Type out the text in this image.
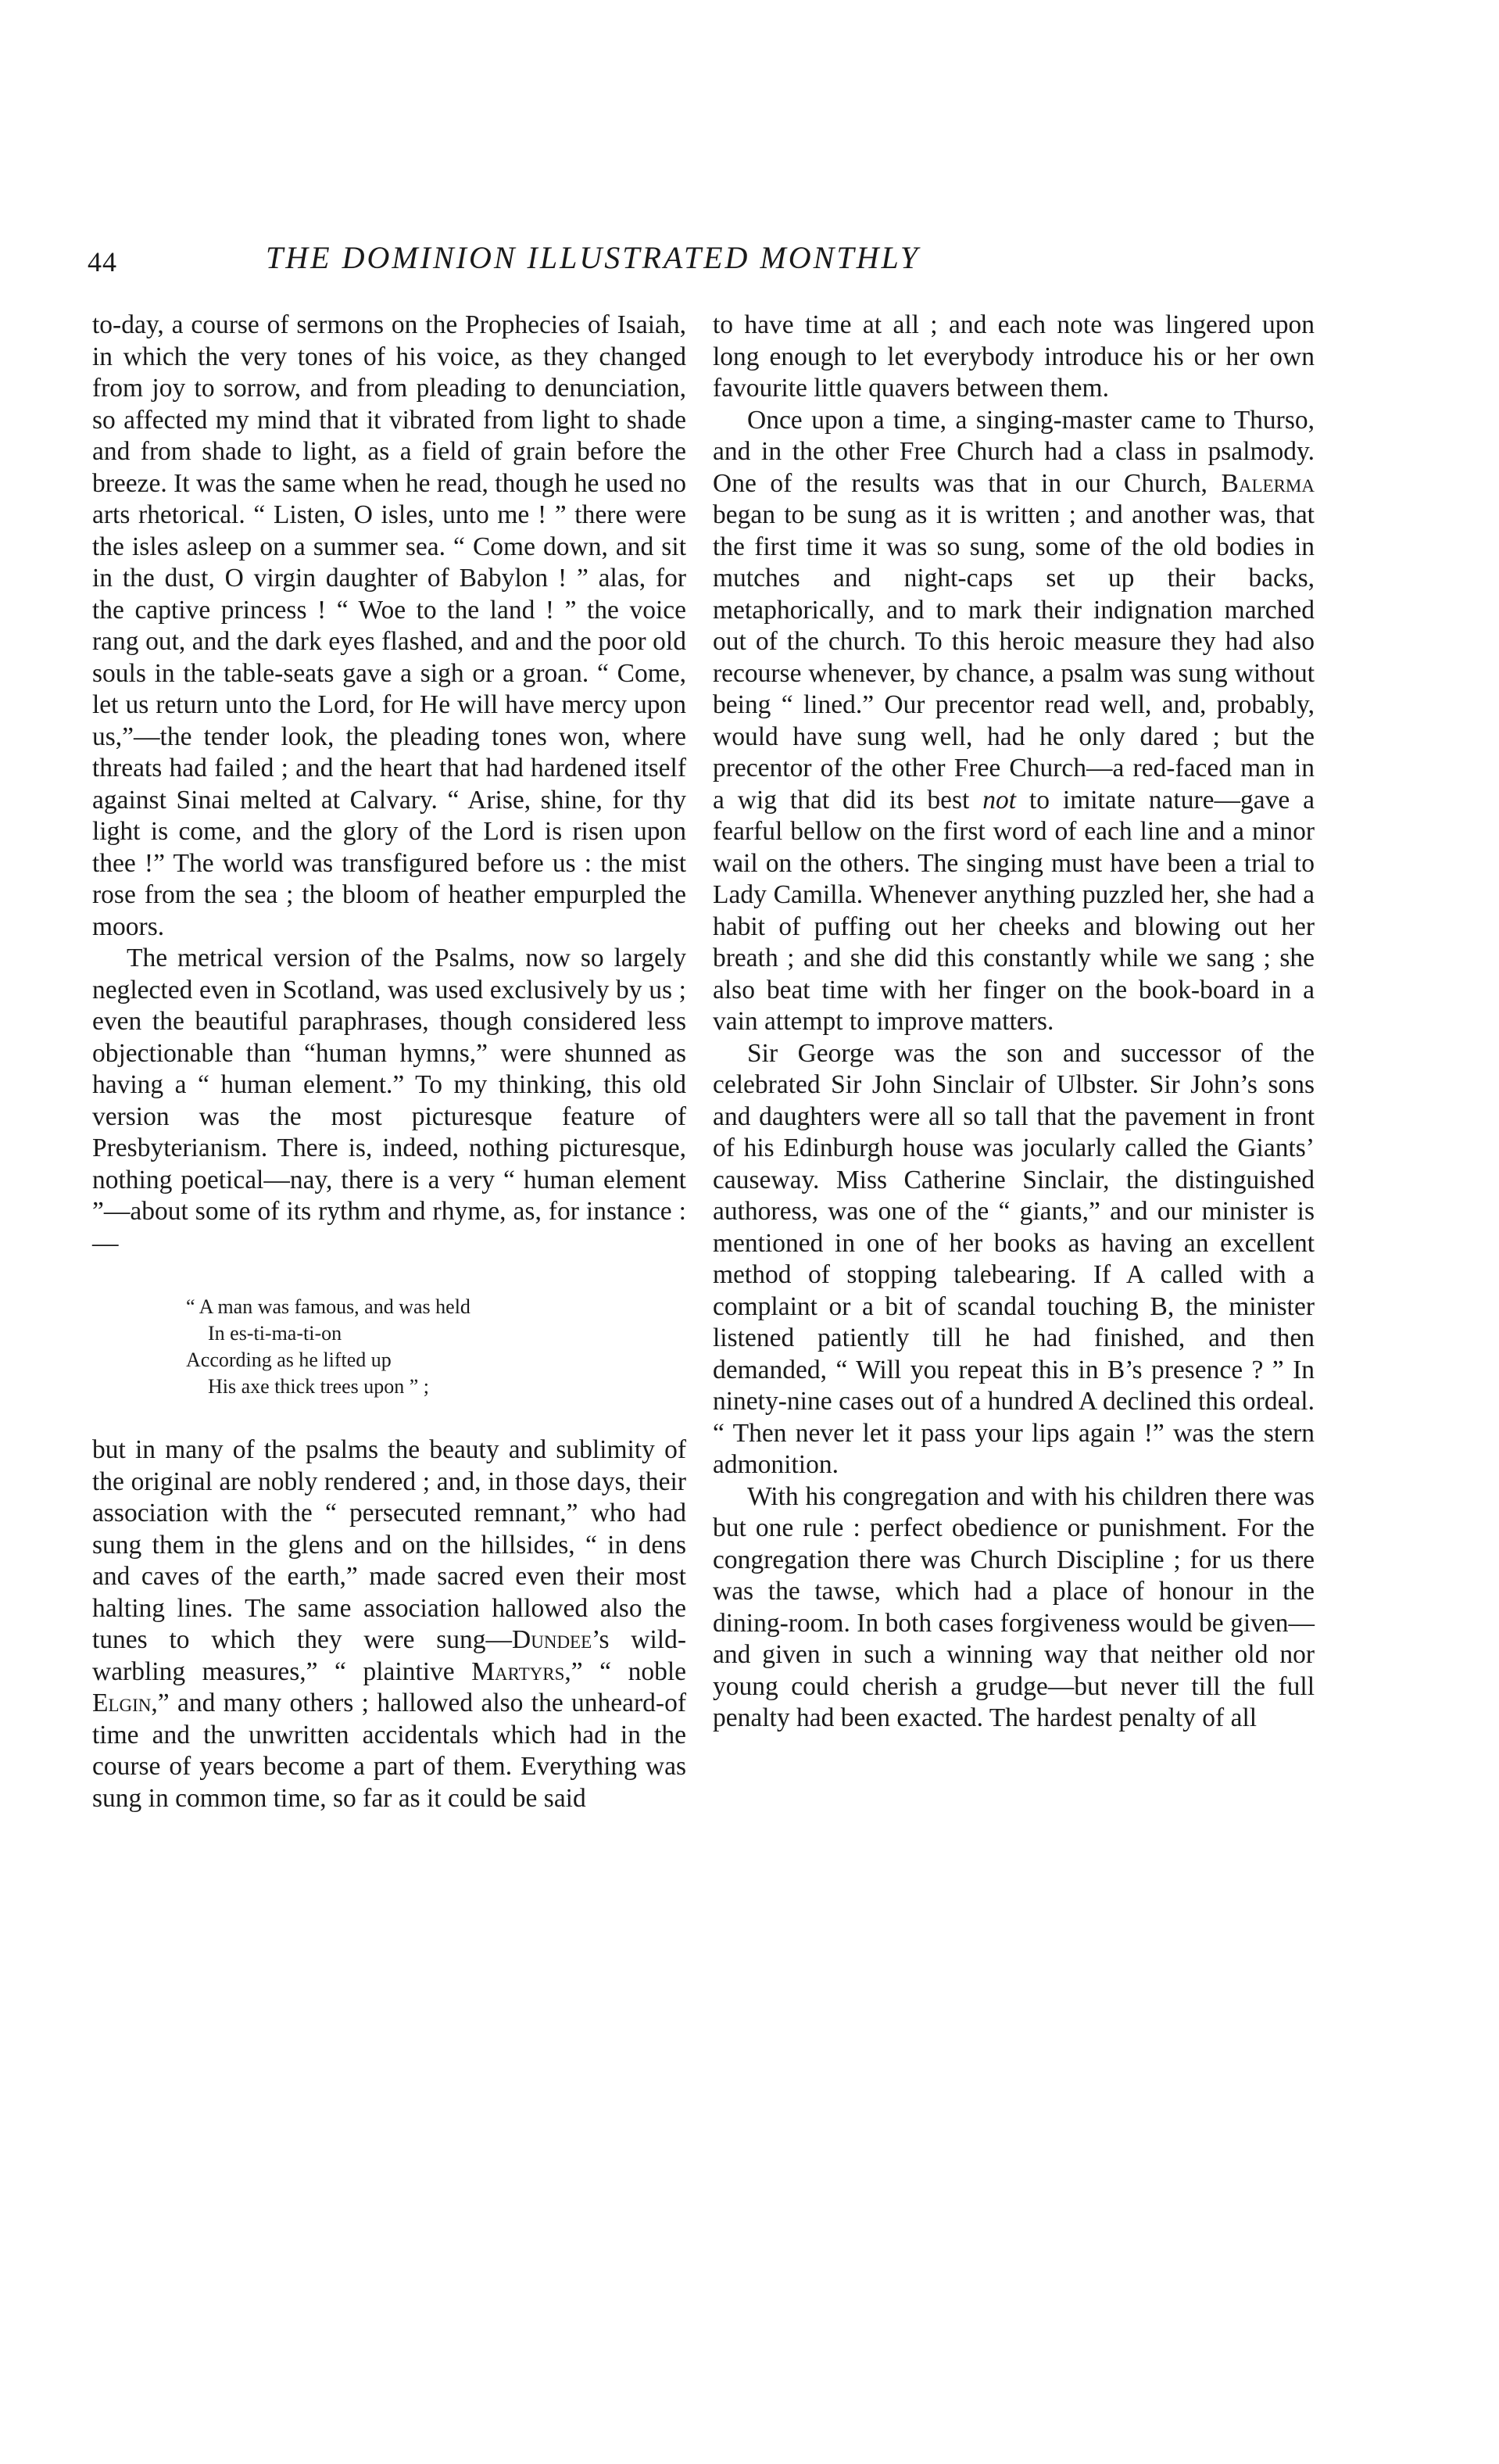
44	THE DOMINION ILLUSTRATED MONTHLY

to-day, a course of sermons on the Prophecies of Isaiah, in which the very tones of his voice, as they changed from joy to sorrow, and from pleading to denunciation, so affected my mind that it vibrated from light to shade and from shade to light, as a field of grain before the breeze. It was the same when he read, though he used no arts rhetorical. “ Listen, O isles, unto me ! ” there were the isles asleep on a summer sea. “ Come down, and sit in the dust, O virgin daughter of Babylon ! ” alas, for the captive princess ! “ Woe to the land ! ” the voice rang out, and the dark eyes flashed, and and the poor old souls in the table-seats gave a sigh or a groan. “ Come, let us return unto the Lord, for He will have mercy upon us,”—the tender look, the pleading tones won, where threats had failed ; and the heart that had hardened itself against Sinai melted at Calvary. “ Arise, shine, for thy light is come, and the glory of the Lord is risen upon thee !” The world was transfigured before us : the mist rose from the sea ; the bloom of heather empurpled the moors.

The metrical version of the Psalms, now so largely neglected even in Scotland, was used exclusively by us ; even the beautiful paraphrases, though considered less objectionable than “human hymns,” were shunned as having a “ human element.” To my thinking, this old version was the most picturesque feature of Presbyterianism. There is, indeed, nothing picturesque, nothing poetical—nay, there is a very “ human element ”—about some of its rythm and rhyme, as, for instance :—

“ A man was famous, and was held
In es-ti-ma-ti-on
According as he lifted up
His axe thick trees upon ” ;

but in many of the psalms the beauty and sublimity of the original are nobly rendered ; and, in those days, their association with the “ persecuted remnant,” who had sung them in the glens and on the hillsides, “ in dens and caves of the earth,” made sacred even their most halting lines. The same association hallowed also the tunes to which they were sung—Dundee’s wild-warbling measures,” “ plaintive Martyrs,” “ noble Elgin,” and many others ; hallowed also the unheard-of time and the unwritten accidentals which had in the course of years become a part of them. Everything was sung in common time, so far as it could be said

to have time at all ; and each note was lingered upon long enough to let everybody introduce his or her own favourite little quavers between them.

Once upon a time, a singing-master came to Thurso, and in the other Free Church had a class in psalmody. One of the results was that in our Church, Balerma began to be sung as it is written ; and another was, that the first time it was so sung, some of the old bodies in mutches and night-caps set up their backs, metaphorically, and to mark their indignation marched out of the church. To this heroic measure they had also recourse whenever, by chance, a psalm was sung without being “ lined.” Our precentor read well, and, probably, would have sung well, had he only dared ; but the precentor of the other Free Church—a red-faced man in a wig that did its best not to imitate nature—gave a fearful bellow on the first word of each line and a minor wail on the others. The singing must have been a trial to Lady Camilla. Whenever anything puzzled her, she had a habit of puffing out her cheeks and blowing out her breath ; and she did this constantly while we sang ; she also beat time with her finger on the book-board in a vain attempt to improve matters.

Sir George was the son and successor of the celebrated Sir John Sinclair of Ulbster. Sir John’s sons and daughters were all so tall that the pavement in front of his Edinburgh house was jocularly called the Giants’ causeway. Miss Catherine Sinclair, the distinguished authoress, was one of the “ giants,” and our minister is mentioned in one of her books as having an excellent method of stopping talebearing. If A called with a complaint or a bit of scandal touching B, the minister listened patiently till he had finished, and then demanded, “ Will you repeat this in B’s presence ? ” In ninety-nine cases out of a hundred A declined this ordeal. “ Then never let it pass your lips again !” was the stern admonition.

With his congregation and with his children there was but one rule : perfect obedience or punishment. For the congregation there was Church Discipline ; for us there was the tawse, which had a place of honour in the dining-room. In both cases forgiveness would be given—and given in such a winning way that neither old nor young could cherish a grudge—but never till the full penalty had been exacted. The hardest penalty of all
